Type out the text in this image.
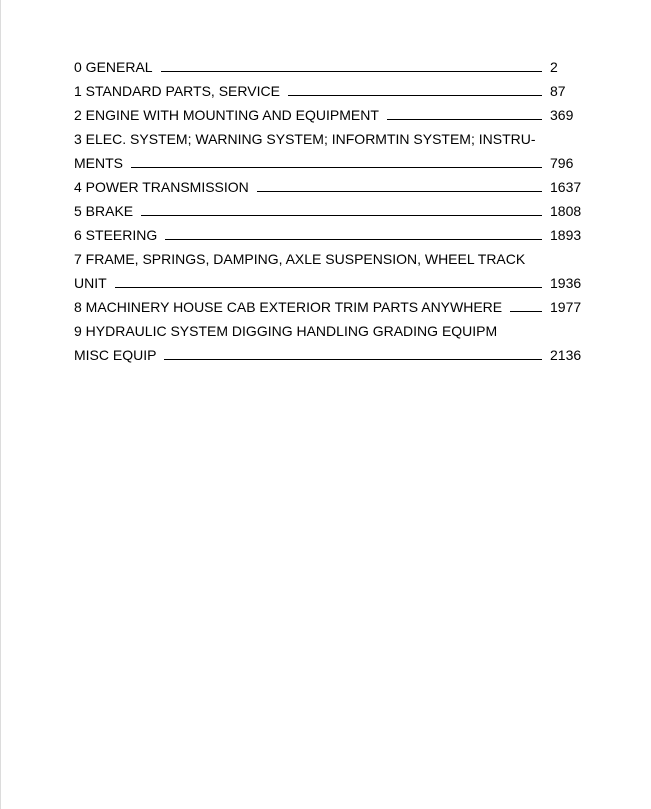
0 GENERAL	2
1 STANDARD PARTS, SERVICE	87
2 ENGINE WITH MOUNTING AND EQUIPMENT	369
3 ELEC. SYSTEM; WARNING SYSTEM; INFORMTIN SYSTEM; INSTRU-
MENTS	796
4 POWER TRANSMISSION	1637
5 BRAKE	1808
6 STEERING	1893
7 FRAME, SPRINGS, DAMPING, AXLE SUSPENSION, WHEEL TRACK
UNIT	1936
8 MACHINERY HOUSE CAB EXTERIOR TRIM PARTS ANYWHERE	1977
9 HYDRAULIC SYSTEM DIGGING HANDLING GRADING EQUIPM
MISC EQUIP	2136
